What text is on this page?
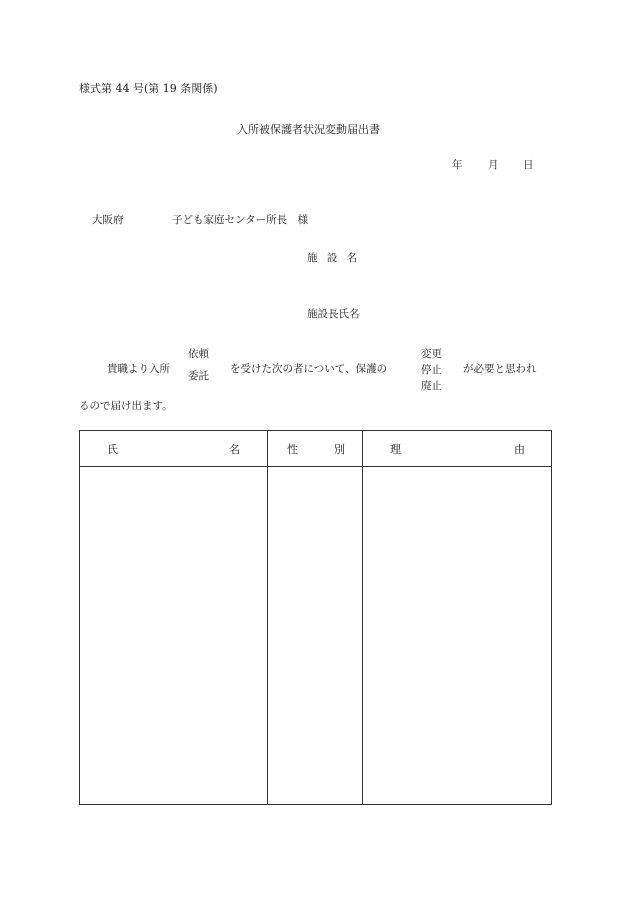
様式第 44 号(第 19 条関係)
入所被保護者状況変動届出書
年 月 日
大阪府	子ども家庭センター所長　様
施 設 名
施設長氏名
貴職より入所
依頼
委託
を受けた次の者について、保護の
変更
停止
廃止
が必要と思われ
るので届け出ます。
氏 名	性 別	理 由
